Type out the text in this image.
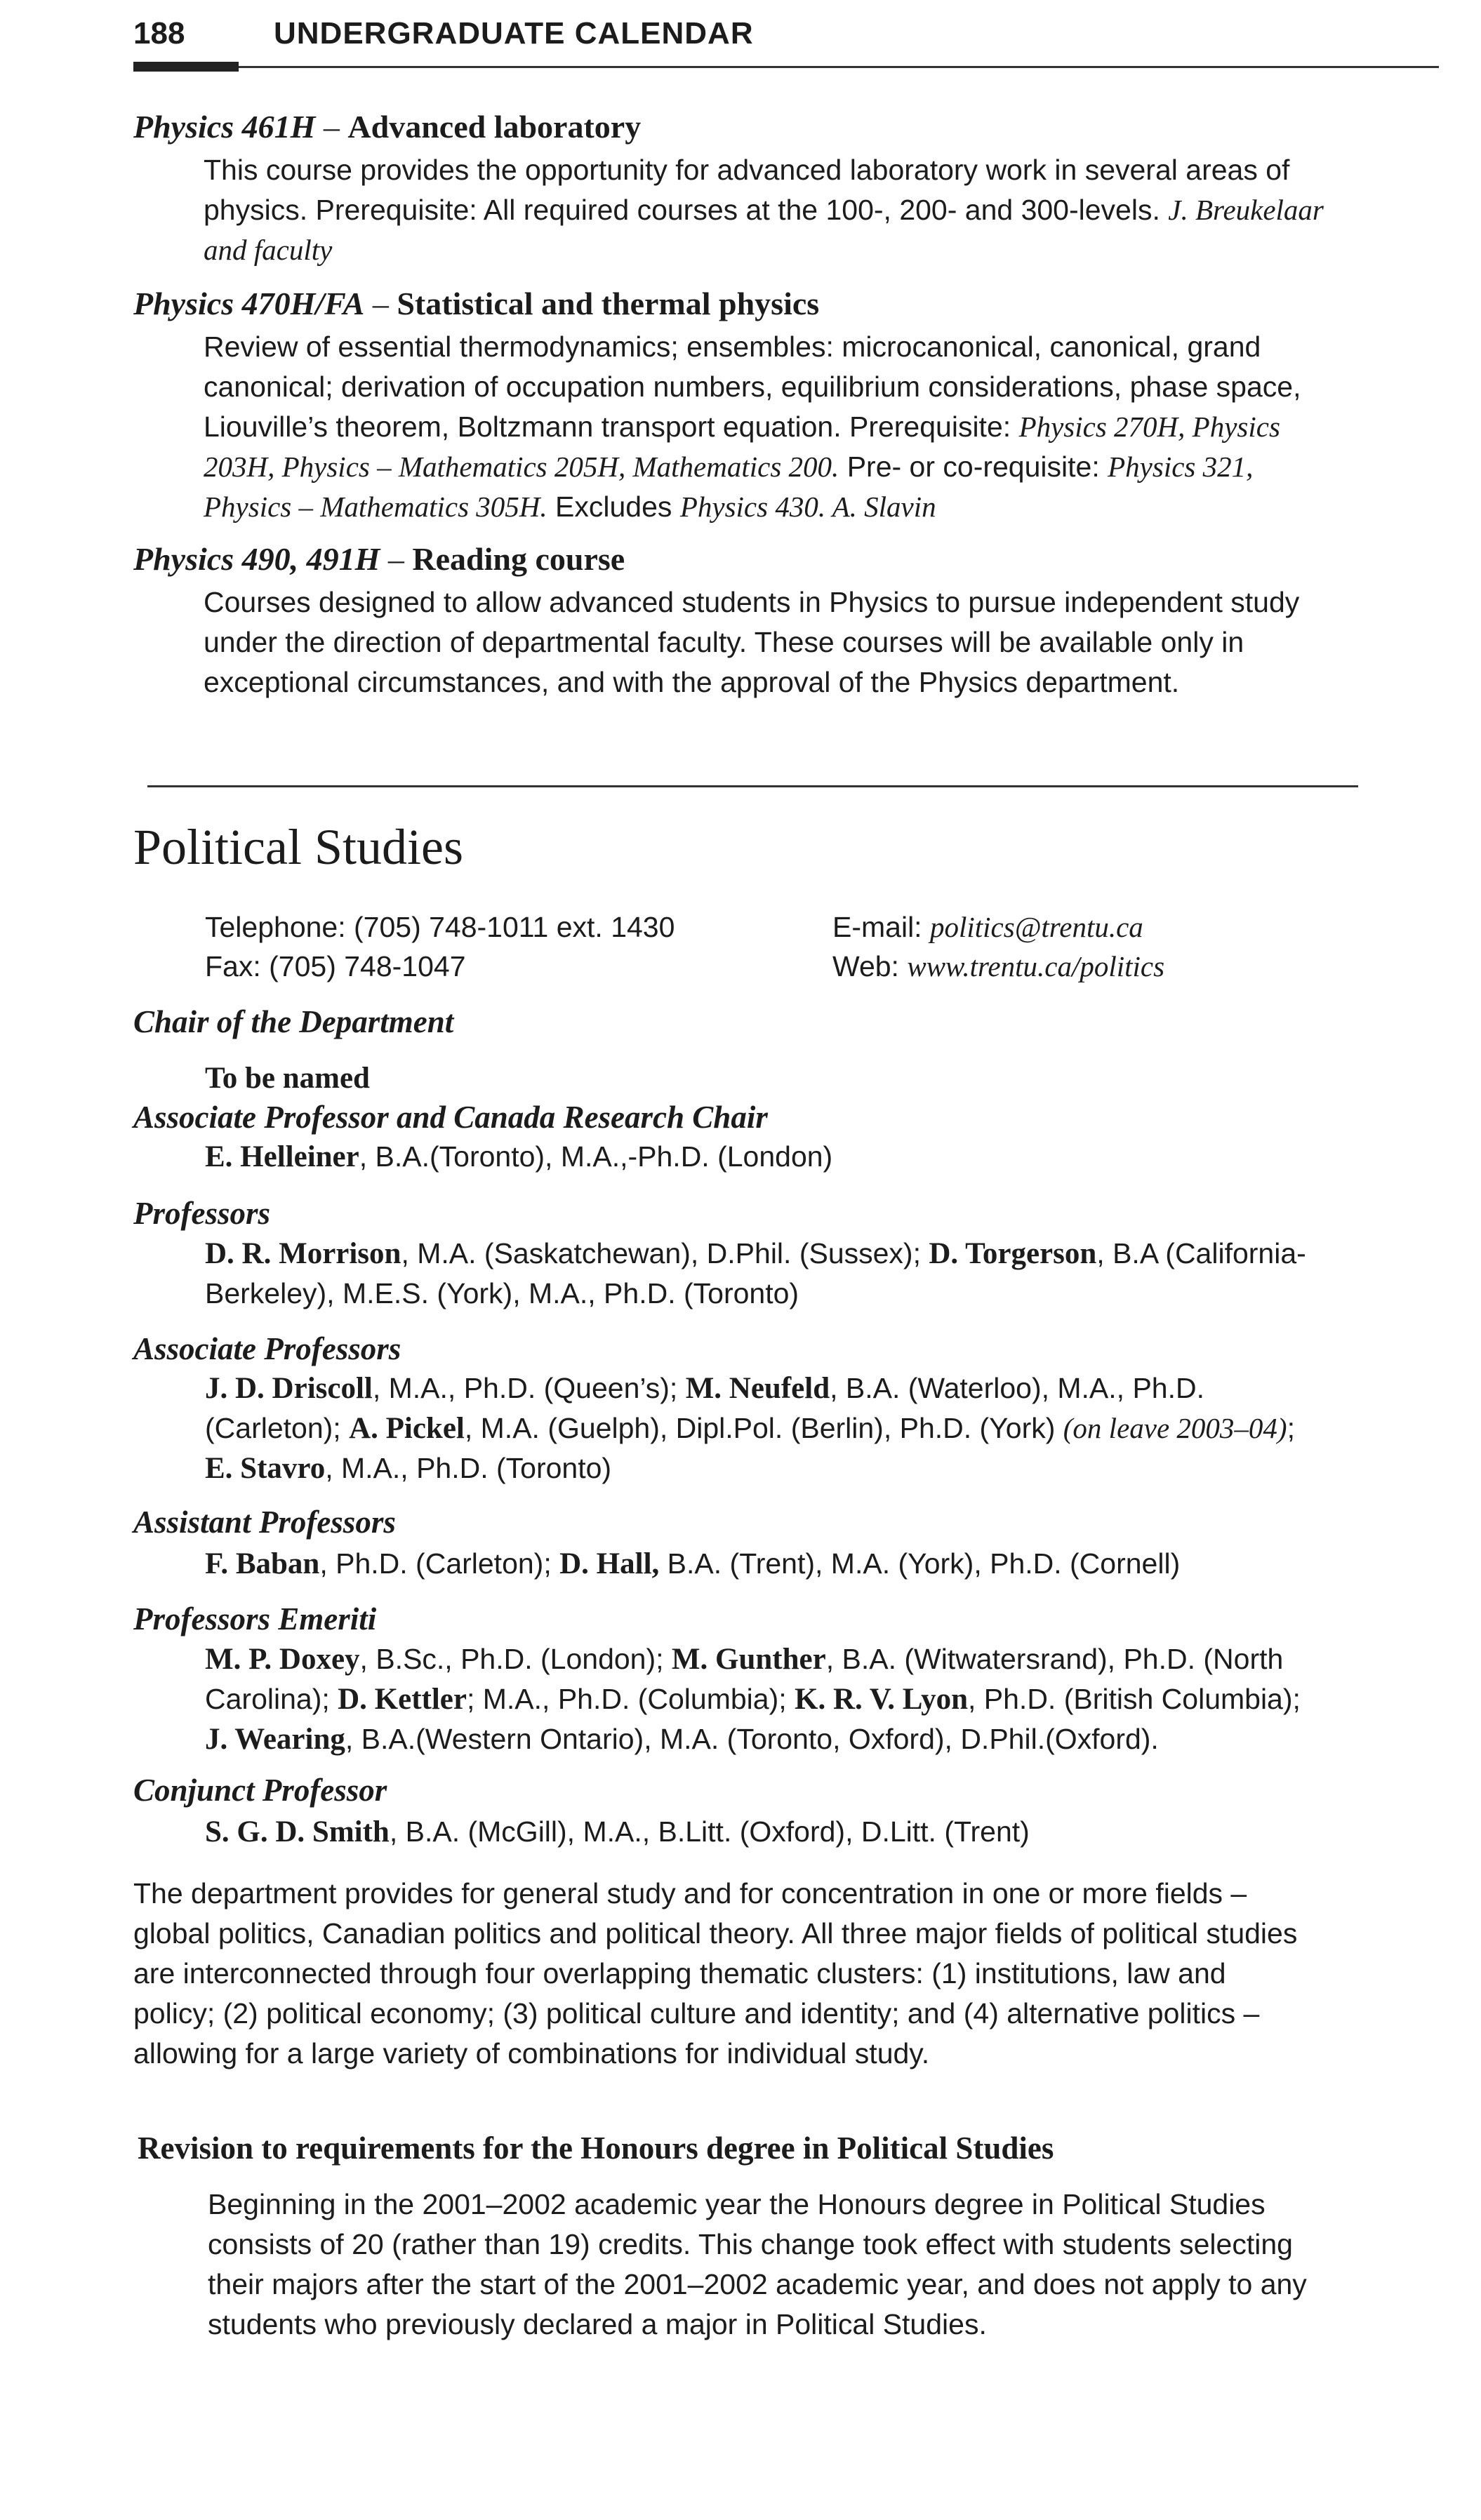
188	UNDERGRADUATE CALENDAR
Physics 461H – Advanced laboratory
This course provides the opportunity for advanced laboratory work in several areas of
physics. Prerequisite: All required courses at the 100-, 200- and 300-levels. J. Breukelaar
and faculty
Physics 470H/FA – Statistical and thermal physics
Review of essential thermodynamics; ensembles: microcanonical, canonical, grand
canonical; derivation of occupation numbers, equilibrium considerations, phase space,
Liouville’s theorem, Boltzmann transport equation. Prerequisite: Physics 270H, Physics
203H, Physics – Mathematics 205H, Mathematics 200. Pre- or co-requisite: Physics 321,
Physics – Mathematics 305H. Excludes Physics 430. A. Slavin
Physics 490, 491H – Reading course
Courses designed to allow advanced students in Physics to pursue independent study
under the direction of departmental faculty. These courses will be available only in
exceptional circumstances, and with the approval of the Physics department.
Political Studies
Telephone: (705) 748-1011 ext. 1430
Fax: (705) 748-1047
E-mail: politics@trentu.ca
Web: www.trentu.ca/politics
Chair of the Department
To be named
Associate Professor and Canada Research Chair
E. Helleiner, B.A.(Toronto), M.A.,-Ph.D. (London)
Professors
D. R. Morrison, M.A. (Saskatchewan), D.Phil. (Sussex); D. Torgerson, B.A (California-
Berkeley), M.E.S. (York), M.A., Ph.D. (Toronto)
Associate Professors
J. D. Driscoll, M.A., Ph.D. (Queen’s); M. Neufeld, B.A. (Waterloo), M.A., Ph.D.
(Carleton); A. Pickel, M.A. (Guelph), Dipl.Pol. (Berlin), Ph.D. (York) (on leave 2003–04);
E. Stavro, M.A., Ph.D. (Toronto)
Assistant Professors
F. Baban, Ph.D. (Carleton); D. Hall, B.A. (Trent), M.A. (York), Ph.D. (Cornell)
Professors Emeriti
M. P. Doxey, B.Sc., Ph.D. (London); M. Gunther, B.A. (Witwatersrand), Ph.D. (North
Carolina); D. Kettler; M.A., Ph.D. (Columbia); K. R. V. Lyon, Ph.D. (British Columbia);
J. Wearing, B.A.(Western Ontario), M.A. (Toronto, Oxford), D.Phil.(Oxford).
Conjunct Professor
S. G. D. Smith, B.A. (McGill), M.A., B.Litt. (Oxford), D.Litt. (Trent)
The department provides for general study and for concentration in one or more fields –
global politics, Canadian politics and political theory. All three major fields of political studies
are interconnected through four overlapping thematic clusters: (1) institutions, law and
policy; (2) political economy; (3) political culture and identity; and (4) alternative politics –
allowing for a large variety of combinations for individual study.
Revision to requirements for the Honours degree in Political Studies
Beginning in the 2001–2002 academic year the Honours degree in Political Studies
consists of 20 (rather than 19) credits. This change took effect with students selecting
their majors after the start of the 2001–2002 academic year, and does not apply to any
students who previously declared a major in Political Studies.
